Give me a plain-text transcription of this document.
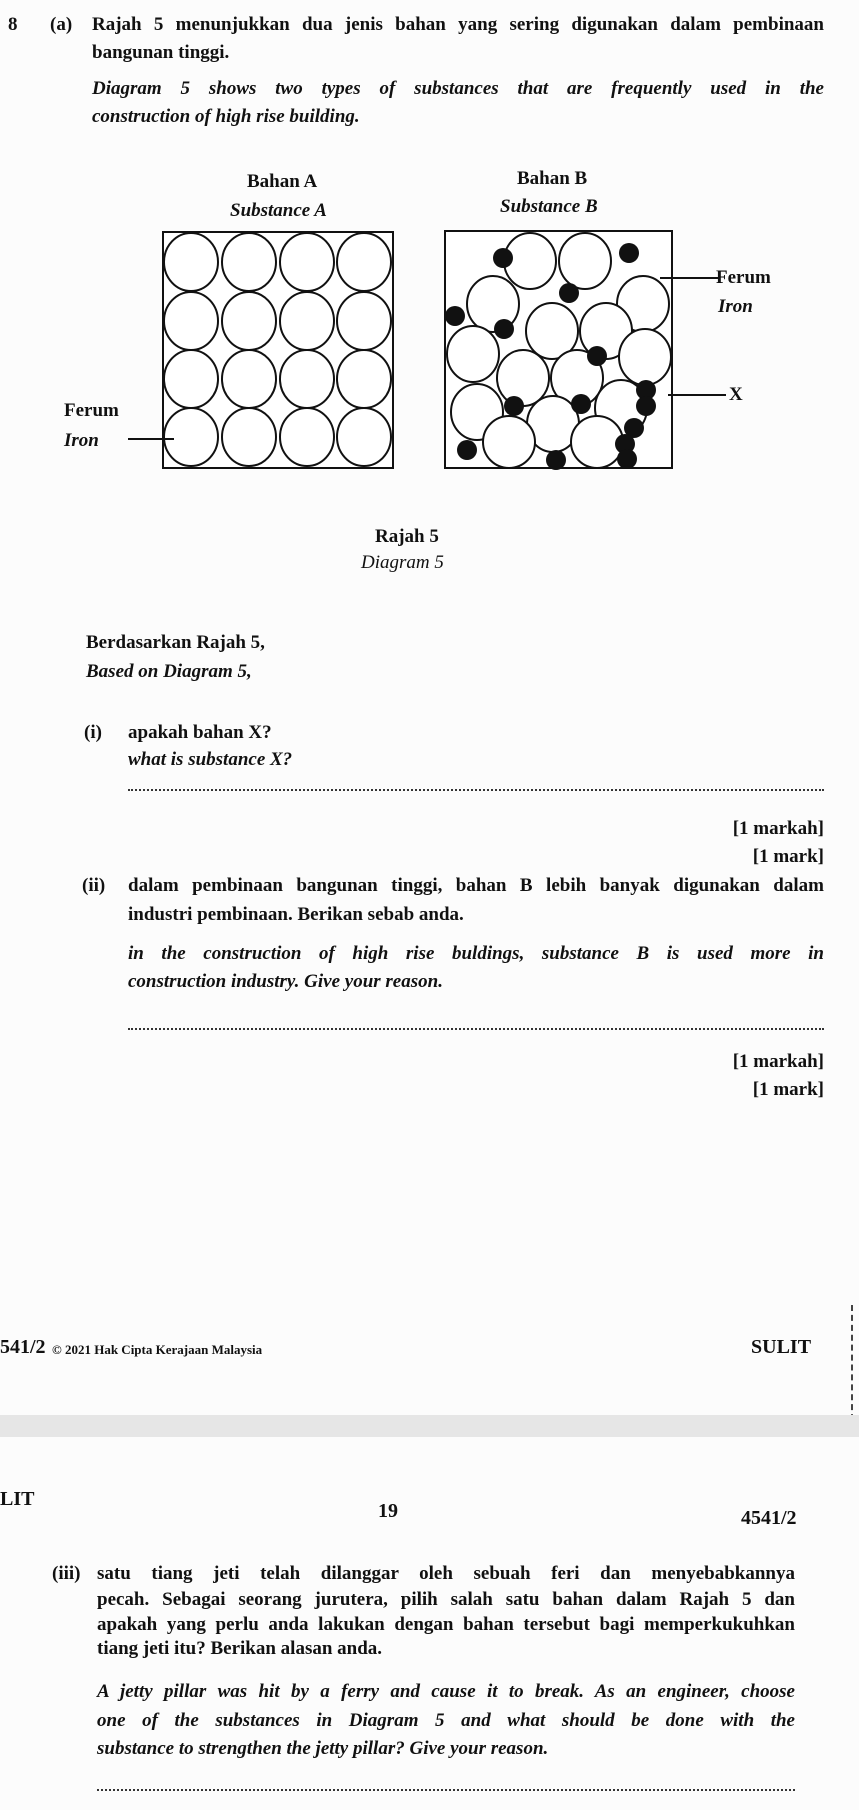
8 (a) Rajah 5 menunjukkan dua jenis bahan yang sering digunakan dalam pembinaan
bangunan tinggi.
Diagram 5 shows two types of substances that are frequently used in the
construction of high rise building.
Bahan A
Substance A
Bahan B
Substance B
Ferum
Iron
X
Ferum
Iron
Rajah 5
Diagram 5
Berdasarkan Rajah 5,
Based on Diagram 5,
(i) apakah bahan X?
what is substance X?
[1 markah]
[1 mark]
(ii) dalam pembinaan bangunan tinggi, bahan B lebih banyak digunakan dalam
industri pembinaan. Berikan sebab anda.
in the construction of high rise buldings, substance B is used more in
construction industry. Give your reason.
[1 markah]
[1 mark]
541/2 © 2021 Hak Cipta Kerajaan Malaysia	SULIT
LIT
19	4541/2
(iii) satu tiang jeti telah dilanggar oleh sebuah feri dan menyebabkannya
pecah. Sebagai seorang jurutera, pilih salah satu bahan dalam Rajah 5 dan
apakah yang perlu anda lakukan dengan bahan tersebut bagi memperkukuhkan
tiang jeti itu? Berikan alasan anda.
A jetty pillar was hit by a ferry and cause it to break. As an engineer, choose
one of the substances in Diagram 5 and what should be done with the
substance to strengthen the jetty pillar? Give your reason.
